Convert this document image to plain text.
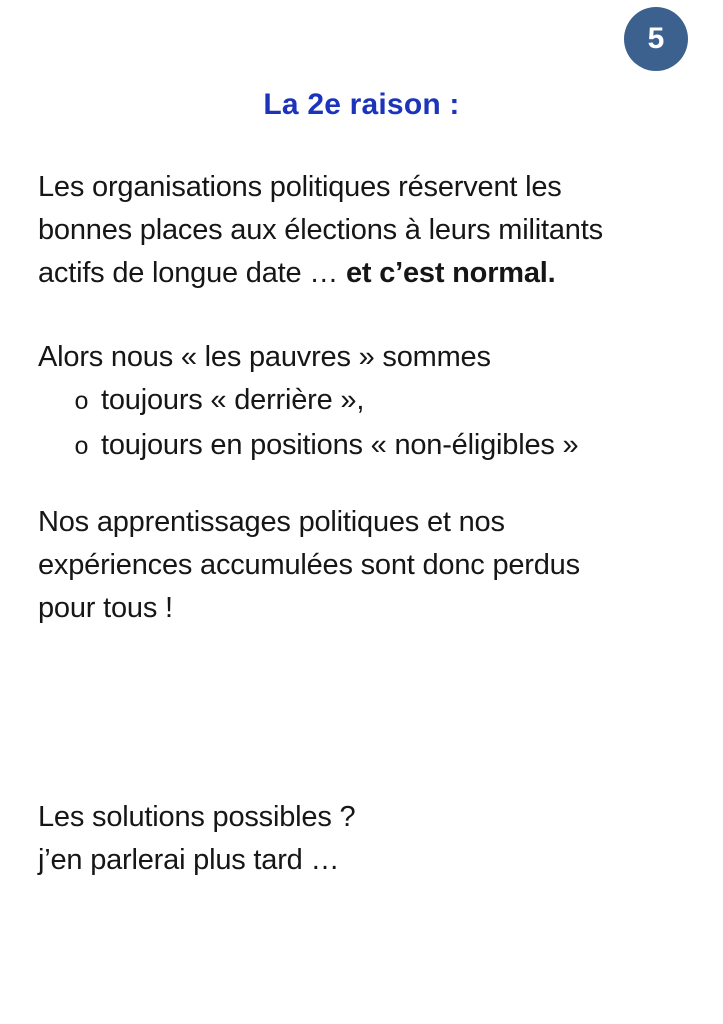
5
La 2e raison :
Les organisations politiques réservent les
bonnes places aux élections à leurs militants
actifs de longue date … et c’est normal.
Alors nous « les pauvres » sommes
o toujours « derrière »,
o toujours en positions « non-éligibles »
Nos apprentissages politiques et nos
expériences accumulées sont donc perdus
pour tous !
Les solutions possibles ?
j’en parlerai plus tard …
